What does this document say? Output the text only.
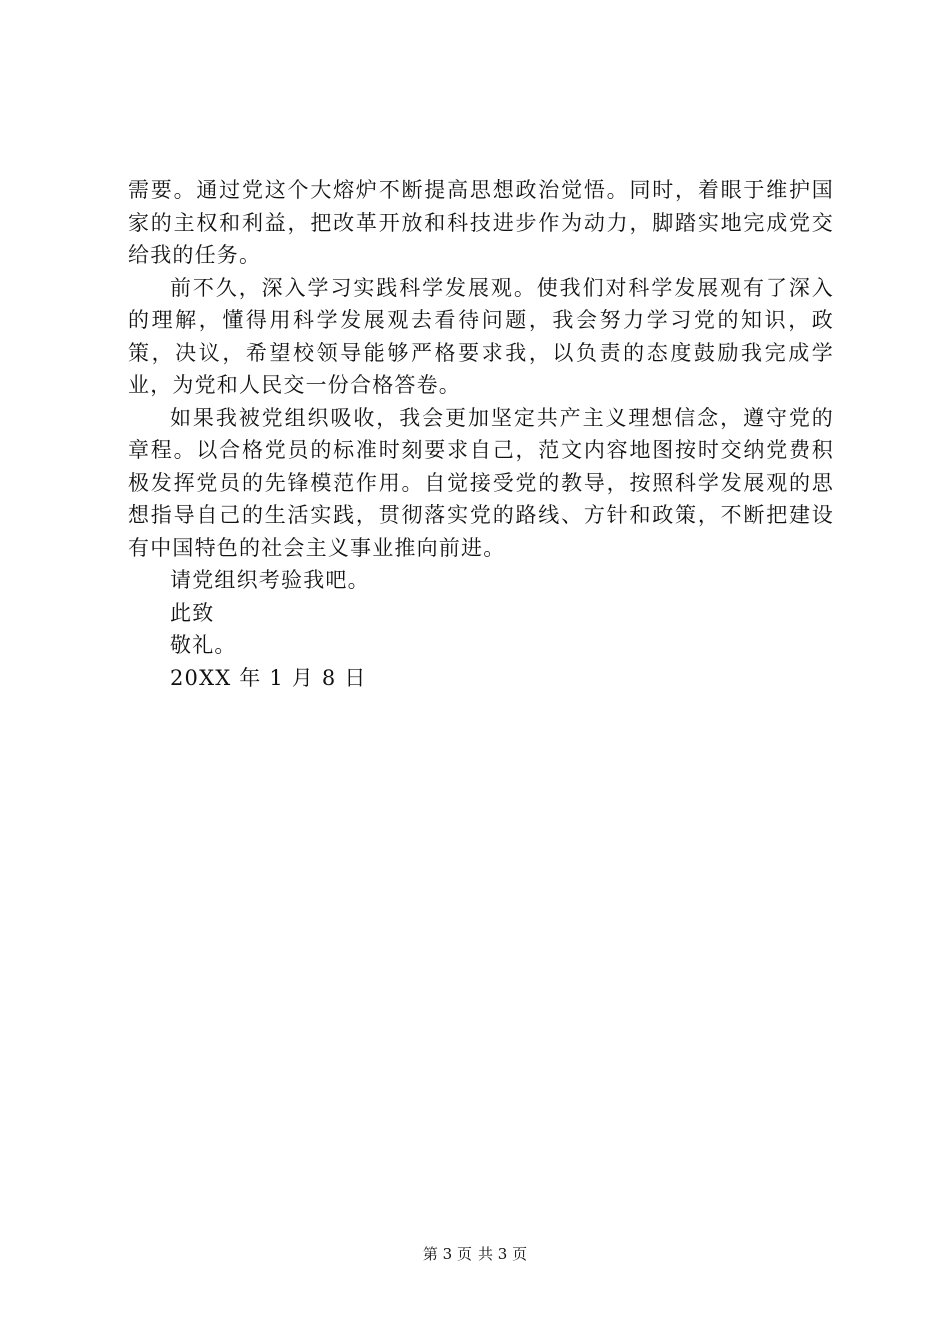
需要。通过党这个大熔炉不断提高思想政治觉悟。同时，着眼于维护国家的主权和利益，把改革开放和科技进步作为动力，脚踏实地完成党交给我的任务。

前不久，深入学习实践科学发展观。使我们对科学发展观有了深入的理解，懂得用科学发展观去看待问题，我会努力学习党的知识，政策，决议，希望校领导能够严格要求我，以负责的态度鼓励我完成学业，为党和人民交一份合格答卷。

如果我被党组织吸收，我会更加坚定共产主义理想信念，遵守党的章程。以合格党员的标准时刻要求自己，范文内容地图按时交纳党费积极发挥党员的先锋模范作用。自觉接受党的教导，按照科学发展观的思想指导自己的生活实践，贯彻落实党的路线、方针和政策，不断把建设有中国特色的社会主义事业推向前进。

请党组织考验我吧。

此致

敬礼。

20XX 年 1 月 8 日

第 3 页 共 3 页
